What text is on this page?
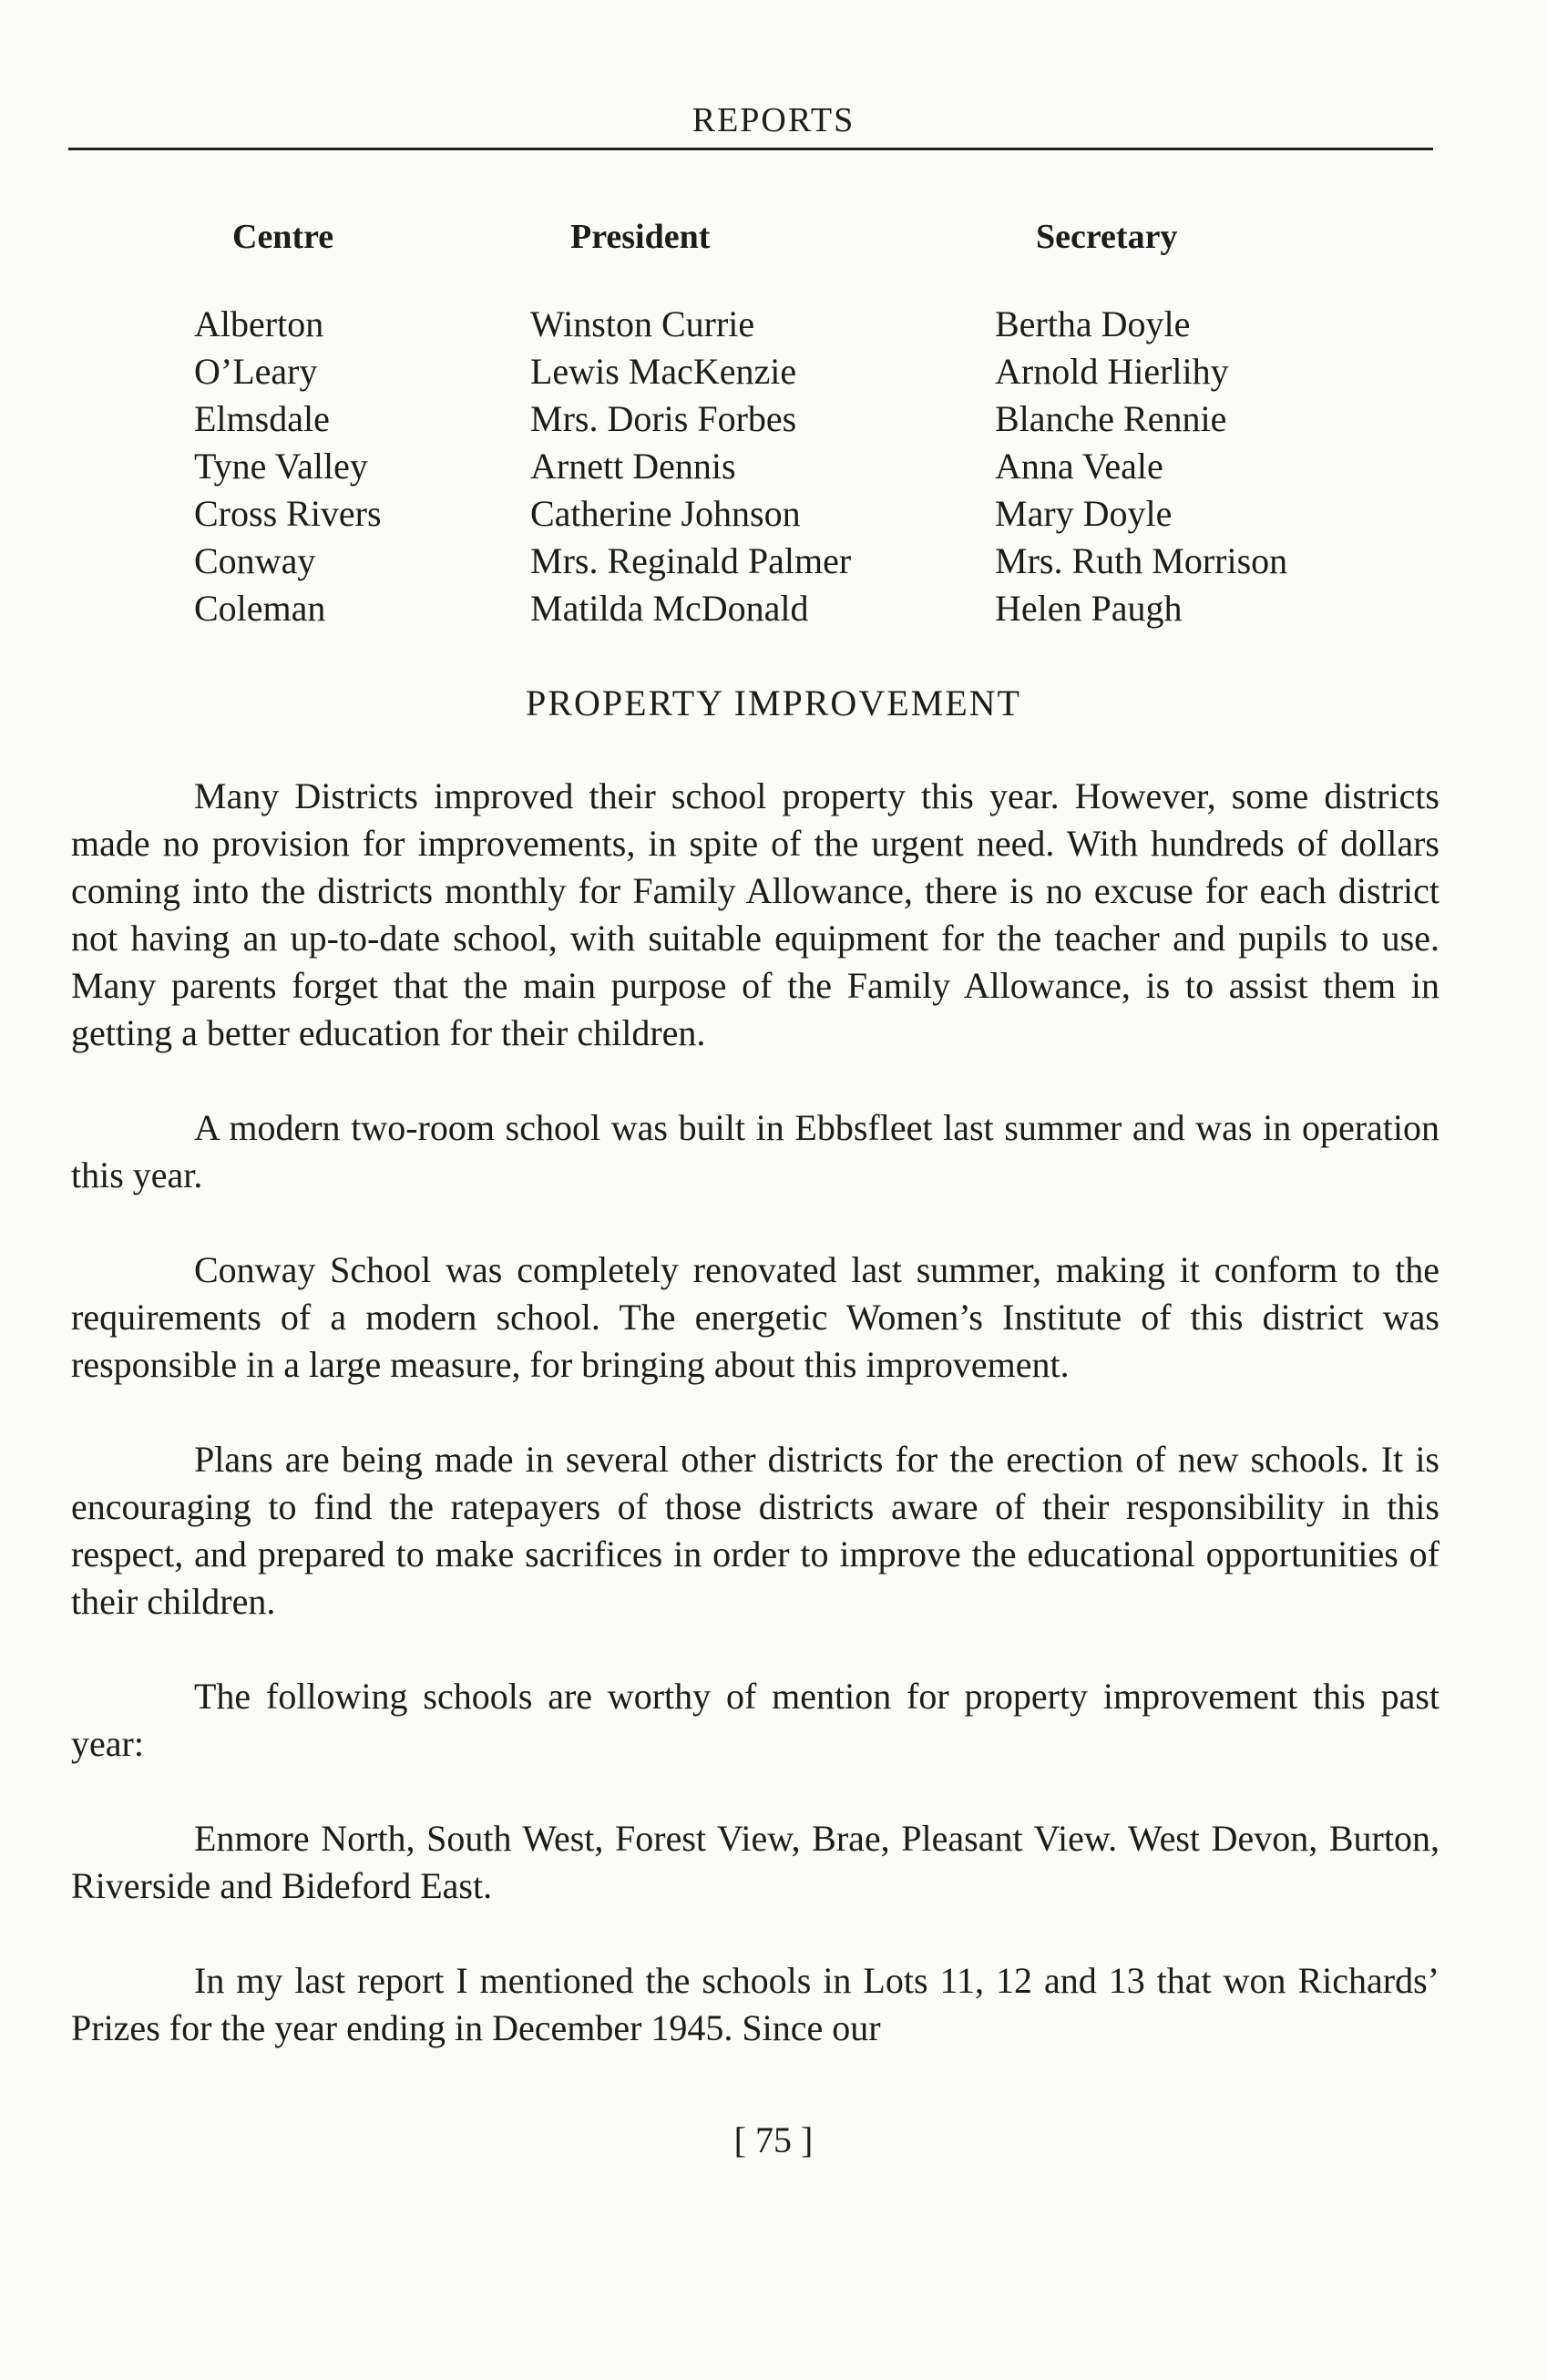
REPORTS
Centre	President	Secretary
Alberton	Winston Currie	Bertha Doyle
O’Leary	Lewis MacKenzie	Arnold Hierlihy
Elmsdale	Mrs. Doris Forbes	Blanche Rennie
Tyne Valley	Arnett Dennis	Anna Veale
Cross Rivers	Catherine Johnson	Mary Doyle
Conway	Mrs. Reginald Palmer	Mrs. Ruth Morrison
Coleman	Matilda McDonald	Helen Paugh
PROPERTY IMPROVEMENT

Many Districts improved their school property this year. However, some districts made no provision for improvements, in spite of the urgent need. With hundreds of dollars coming into the districts monthly for Family Allowance, there is no excuse for each district not having an up-to-date school, with suitable equipment for the teacher and pupils to use. Many parents forget that the main purpose of the Family Allowance, is to assist them in getting a better education for their children.

A modern two-room school was built in Ebbsfleet last summer and was in operation this year.

Conway School was completely renovated last summer, making it conform to the requirements of a modern school. The energetic Women’s Institute of this district was responsible in a large measure, for bringing about this improvement.

Plans are being made in several other districts for the erection of new schools. It is encouraging to find the ratepayers of those districts aware of their responsibility in this respect, and prepared to make sacrifices in order to improve the educational opportunities of their children.

The following schools are worthy of mention for property improvement this past year:

Enmore North, South West, Forest View, Brae, Pleasant View. West Devon, Burton, Riverside and Bideford East.

In my last report I mentioned the schools in Lots 11, 12 and 13 that won Richards’ Prizes for the year ending in December 1945. Since our

[ 75 ]
